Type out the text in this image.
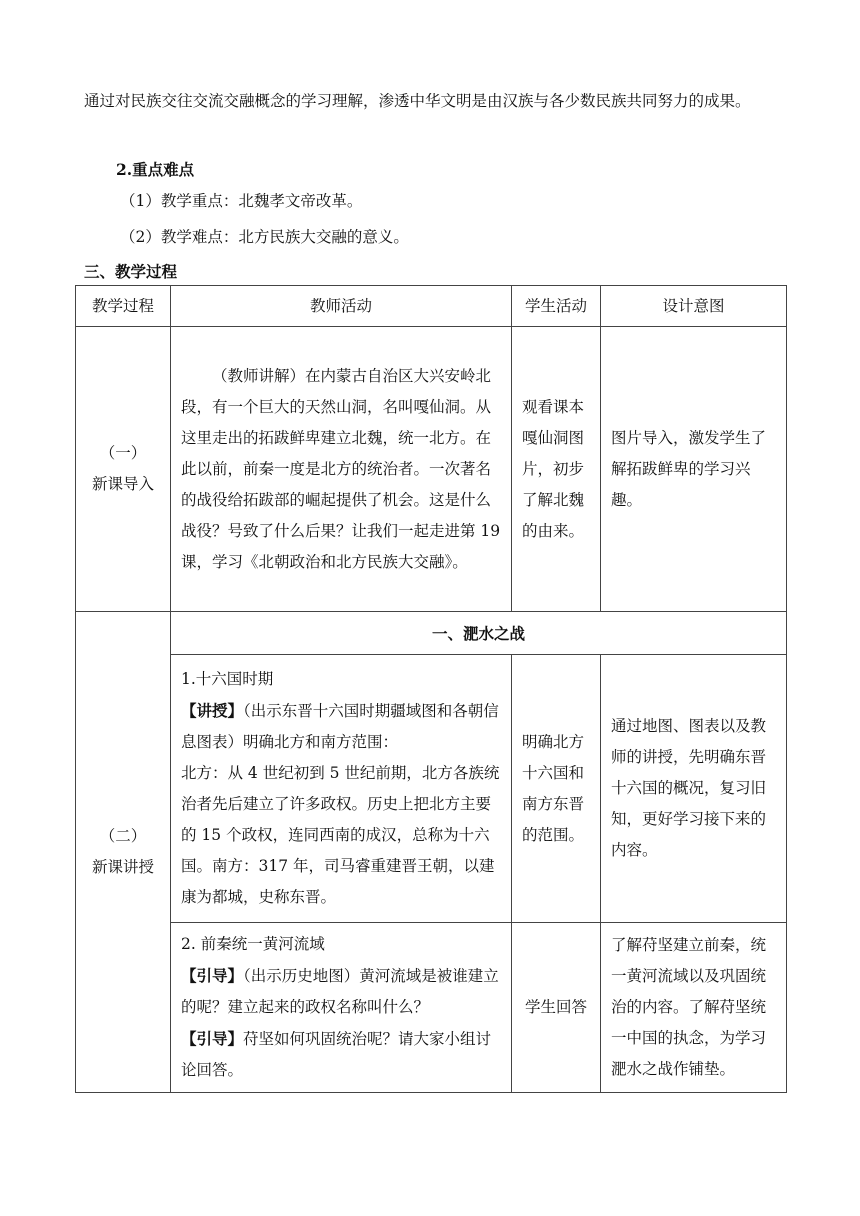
通过对民族交往交流交融概念的学习理解，渗透中华文明是由汉族与各少数民族共同努力的成果。

2.重点难点

（1）教学重点：北魏孝文帝改革。

（2）教学难点：北方民族大交融的意义。

三、教学过程

教学过程	教师活动	学生活动	设计意图

（一）
新课导入	（教师讲解）在内蒙古自治区大兴安岭北段，有一个巨大的天然山洞，名叫嘎仙洞。从这里走出的拓跋鲜卑建立北魏，统一北方。在此以前，前秦一度是北方的统治者。一次著名的战役给拓跋部的崛起提供了机会。这是什么战役？号致了什么后果？让我们一起走进第 19 课，学习《北朝政治和北方民族大交融》。	观看课本嘎仙洞图片，初步了解北魏的由来。	图片导入，激发学生了解拓跋鲜卑的学习兴趣。

（二）
新课讲授	一、淝水之战		

	1.十六国时期
【讲授】（出示东晋十六国时期疆域图和各朝信息图表）明确北方和南方范围：
北方：从 4 世纪初到 5 世纪前期，北方各族统治者先后建立了许多政权。历史上把北方主要的 15 个政权，连同西南的成汉，总称为十六国。南方：317 年，司马睿重建晋王朝，以建康为都城，史称东晋。	明确北方十六国和南方东晋的范围。	通过地图、图表以及教师的讲授，先明确东晋十六国的概况，复习旧知，更好学习接下来的内容。

	2. 前秦统一黄河流域
【引导】（出示历史地图）黄河流域是被谁建立的呢？建立起来的政权名称叫什么？
【引导】苻坚如何巩固统治呢？请大家小组讨论回答。	学生回答	了解苻坚建立前秦，统一黄河流域以及巩固统治的内容。了解苻坚统一中国的执念，为学习淝水之战作铺垫。
